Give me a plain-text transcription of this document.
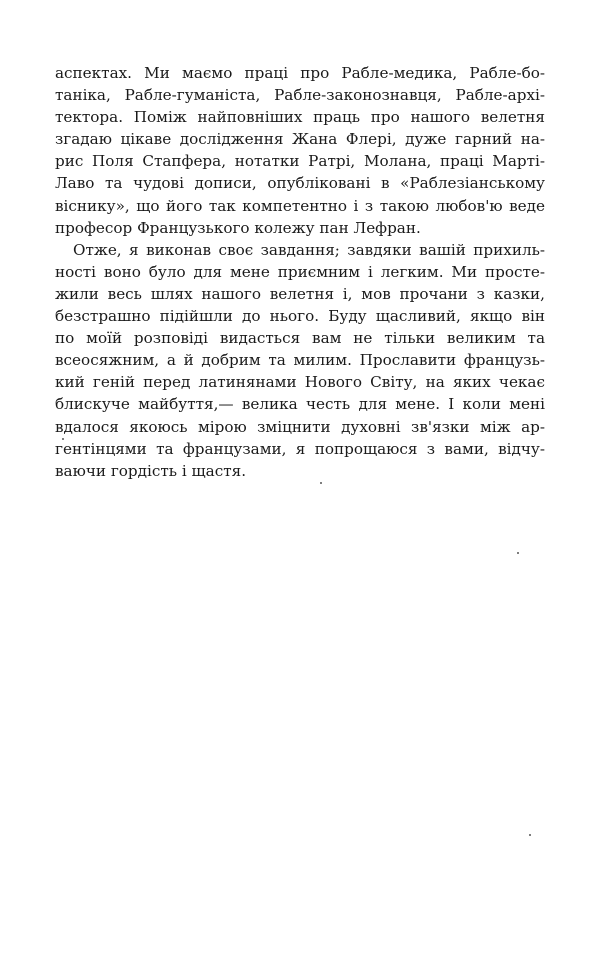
аспектах. Ми маємо праці про Рабле-медика, Рабле-бо-
таніка, Рабле-гуманіста, Рабле-законознавця, Рабле-архі-
тектора. Поміж найповніших праць про нашого велетня
згадаю цікаве дослідження Жана Флері, дуже гарний на-
рис Поля Стапфера, нотатки Ратрі, Молана, праці Марті-
Лаво та чудові дописи, опубліковані в «Раблезіанському
віснику», що його так компетентно і з такою любов'ю веде
професор Французького колежу пан Лефран.
Отже, я виконав своє завдання; завдяки вашій прихиль-
ності воно було для мене приємним і легким. Ми простe-
жили весь шлях нашого велетня і, мов прочани з казки,
безстрашно підійшли до нього. Буду щасливий, якщо він
по моїй розповіді видасться вам не тільки великим та
всеосяжним, а й добрим та милим. Прославити французь-
кий геній перед латинянами Нового Світу, на яких чекає
блискуче майбуття,— велика честь для мене. І коли мені
вдалося якоюсь мірою зміцнити духовні зв'язки між ар-
гентінцями та французами, я попрощаюся з вами, відчу-
ваючи гордість і щастя.
